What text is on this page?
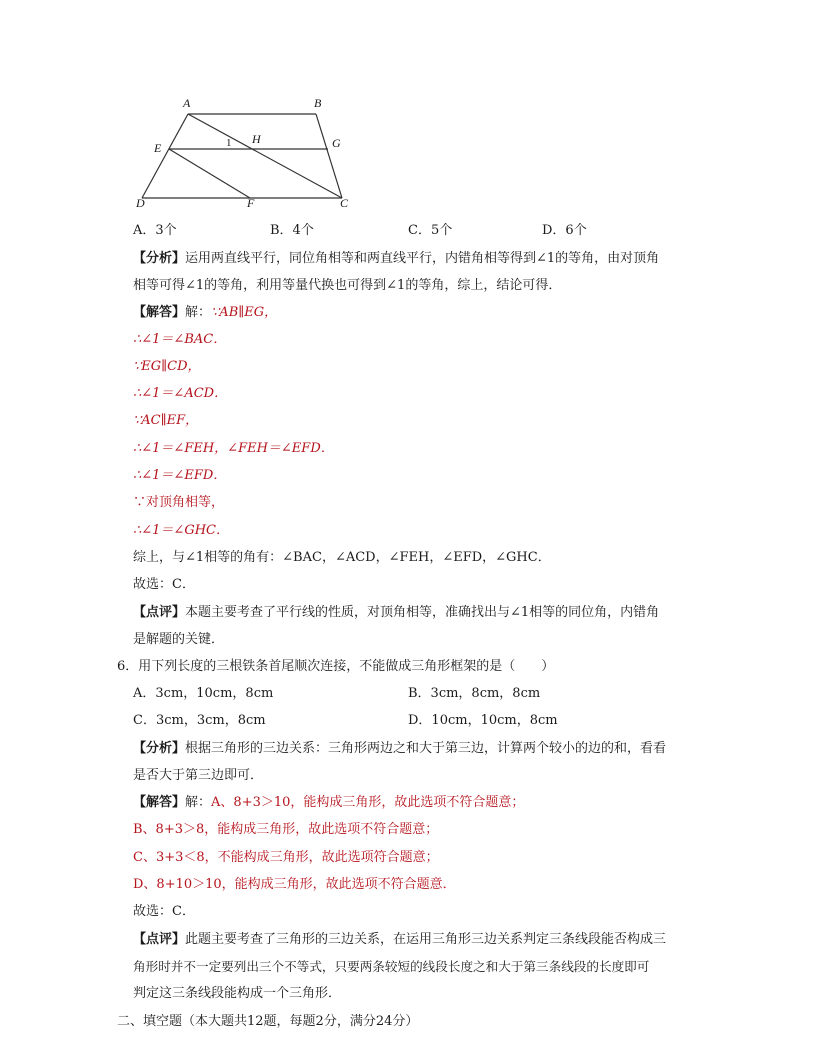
A	B
E	G
H
1
D	F	C
A．3个	B．4个	C．5个	D．6个
【分析】运用两直线平行，同位角相等和两直线平行，内错角相等得到∠1的等角，由对顶角
相等可得∠1的等角，利用等量代换也可得到∠1的等角，综上，结论可得．
【解答】解：∵AB∥EG，
∴∠1＝∠BAC．
∵EG∥CD，
∴∠1＝∠ACD．
∵AC∥EF，
∴∠1＝∠FEH，∠FEH＝∠EFD．
∴∠1＝∠EFD．
∵对顶角相等，
∴∠1＝∠GHC．
综上，与∠1相等的角有：∠BAC，∠ACD，∠FEH，∠EFD，∠GHC．
故选：C．
【点评】本题主要考查了平行线的性质，对顶角相等，准确找出与∠1相等的同位角，内错角
是解题的关键．
6．用下列长度的三根铁条首尾顺次连接，不能做成三角形框架的是（　　）
A．3cm，10cm，8cm	B．3cm，8cm，8cm
C．3cm，3cm，8cm	D．10cm，10cm，8cm
【分析】根据三角形的三边关系：三角形两边之和大于第三边，计算两个较小的边的和，看看
是否大于第三边即可．
【解答】解：A、8+3＞10，能构成三角形，故此选项不符合题意；
B、8+3＞8，能构成三角形，故此选项不符合题意；
C、3+3＜8，不能构成三角形，故此选项符合题意；
D、8+10＞10，能构成三角形，故此选项不符合题意．
故选：C．
【点评】此题主要考查了三角形的三边关系，在运用三角形三边关系判定三条线段能否构成三
角形时并不一定要列出三个不等式，只要两条较短的线段长度之和大于第三条线段的长度即可
判定这三条线段能构成一个三角形．
二、填空题（本大题共12题，每题2分，满分24分）
